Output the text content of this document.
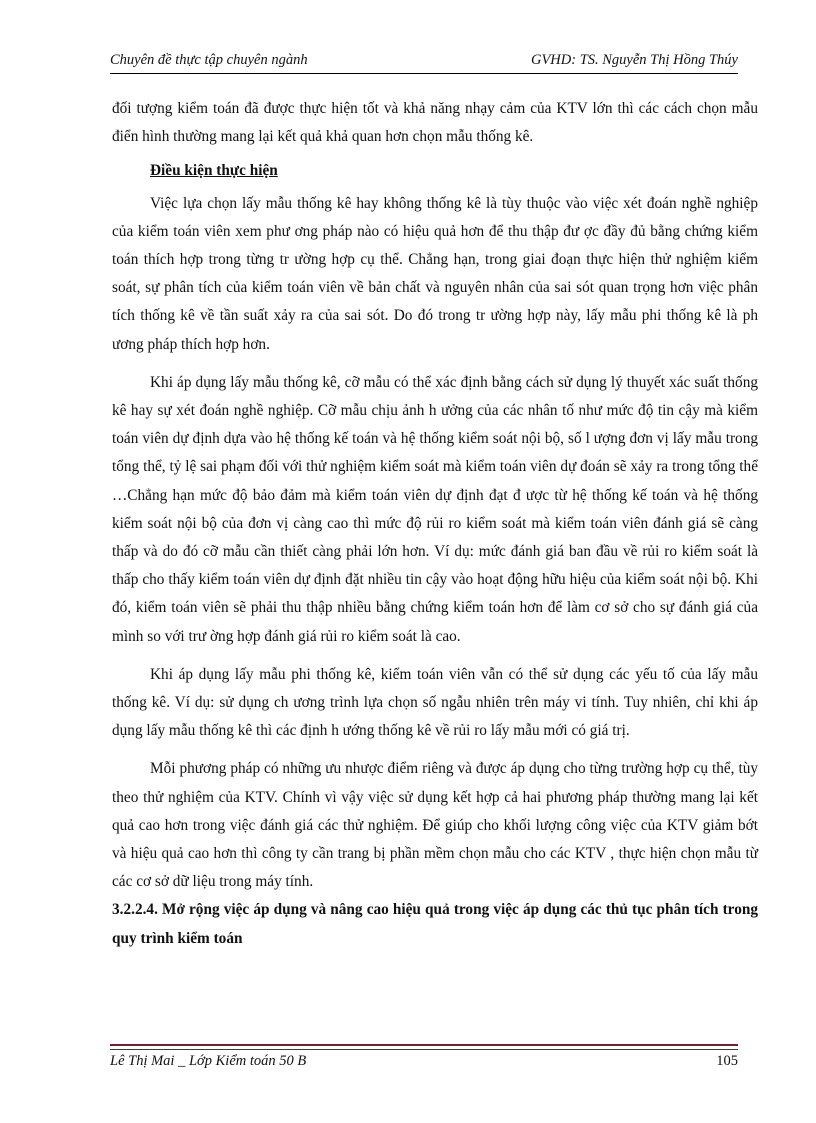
Chuyên đề thực tập chuyên ngành	GVHD: TS. Nguyễn Thị Hồng Thúy

đối tượng kiểm toán đã được thực hiện tốt và khả năng nhạy cảm của KTV lớn thì các cách chọn mẫu điển hình thường mang lại kết quả khả quan hơn chọn mẫu thống kê.

Điều kiện thực hiện

Việc lựa chọn lấy mẫu thống kê hay không thống kê là tùy thuộc vào việc xét đoán nghề nghiệp của kiểm toán viên xem phư ơng pháp nào có hiệu quả hơn để thu thập đư ợc đầy đủ bằng chứng kiểm toán thích hợp trong từng tr ường hợp cụ thể. Chẳng hạn, trong giai đoạn thực hiện thử nghiệm kiểm soát, sự phân tích của kiểm toán viên về bản chất và nguyên nhân của sai sót quan trọng hơn việc phân tích thống kê về tần suất xảy ra của sai sót. Do đó trong tr ường hợp này, lấy mẫu phi thống kê là ph ương pháp thích hợp hơn.

Khi áp dụng lấy mẫu thống kê, cỡ mẫu có thể xác định bằng cách sử dụng lý thuyết xác suất thống kê hay sự xét đoán nghề nghiệp. Cỡ mẫu chịu ảnh h ưởng của các nhân tố như mức độ tin cậy mà kiểm toán viên dự định dựa vào hệ thống kế toán và hệ thống kiểm soát nội bộ, số l ượng đơn vị lấy mẫu trong tổng thể, tỷ lệ sai phạm đối với thử nghiệm kiểm soát mà kiểm toán viên dự đoán sẽ xảy ra trong tổng thể …Chẳng hạn mức độ bảo đảm mà kiểm toán viên dự định đạt đ ược từ hệ thống kế toán và hệ thống kiểm soát nội bộ của đơn vị càng cao thì mức độ rủi ro kiểm soát mà kiểm toán viên đánh giá sẽ càng thấp và do đó cỡ mẫu cần thiết càng phải lớn hơn. Ví dụ: mức đánh giá ban đầu về rủi ro kiểm soát là thấp cho thấy kiểm toán viên dự định đặt nhiều tin cậy vào hoạt động hữu hiệu của kiểm soát nội bộ. Khi đó, kiểm toán viên sẽ phải thu thập nhiều bằng chứng kiểm toán hơn để làm cơ sở cho sự đánh giá của mình so với trư ờng hợp đánh giá rủi ro kiểm soát là cao.

Khi áp dụng lấy mẫu phi thống kê, kiểm toán viên vẫn có thể sử dụng các yếu tố của lấy mẫu thống kê. Ví dụ: sử dụng ch ương trình lựa chọn số ngẫu nhiên trên máy vi tính. Tuy nhiên, chỉ khi áp dụng lấy mẫu thống kê thì các định h ướng thống kê về rủi ro lấy mẫu mới có giá trị.

Mỗi phương pháp có những ưu nhược điểm riêng và được áp dụng cho từng trường hợp cụ thể, tùy theo thử nghiệm của KTV. Chính vì vậy việc sử dụng kết hợp cả hai phương pháp thường mang lại kết quả cao hơn trong việc đánh giá các thử nghiệm. Để giúp cho khối lượng công việc của KTV giảm bớt và hiệu quả cao hơn thì công ty cần trang bị phần mềm chọn mẫu cho các KTV , thực hiện chọn mẫu từ các cơ sở dữ liệu trong máy tính.

3.2.2.4. Mở rộng việc áp dụng và nâng cao hiệu quả trong việc áp dụng các thủ tục phân tích trong quy trình kiểm toán

Lê Thị Mai _ Lớp Kiểm toán 50 B	105
